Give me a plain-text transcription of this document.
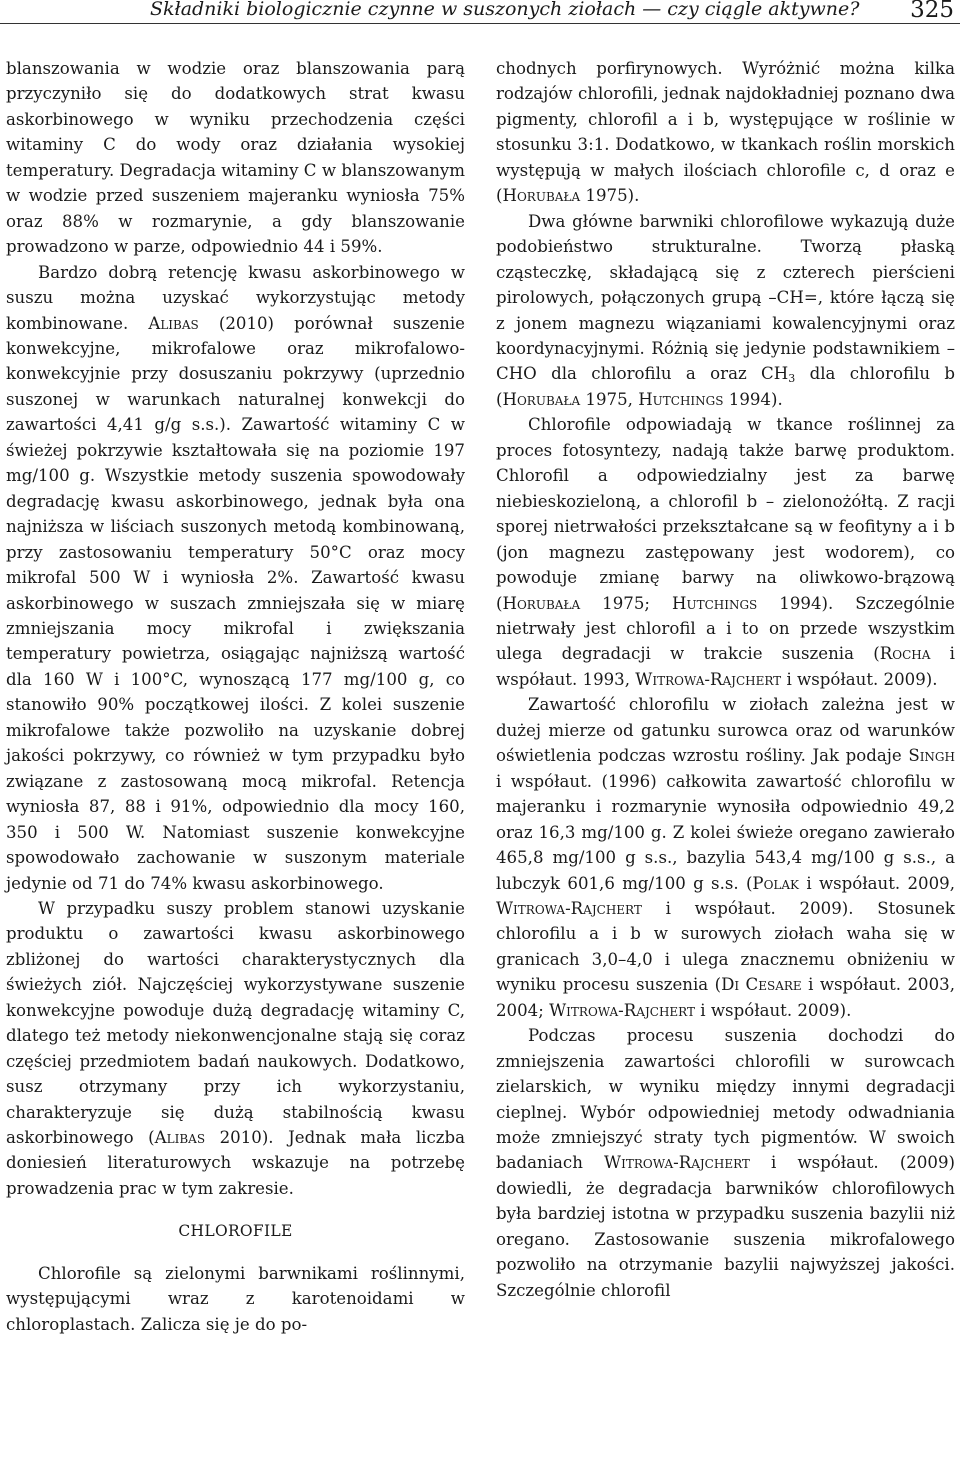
Składniki biologicznie czynne w suszonych ziołach — czy ciągle aktywne? 325

blanszowania w wodzie oraz blanszowania parą przyczyniło się do dodatkowych strat kwasu askorbinowego w wyniku przechodzenia części witaminy C do wody oraz działania wysokiej temperatury. Degradacja witaminy C w blanszowanym w wodzie przed suszeniem majeranku wyniosła 75% oraz 88% w rozmarynie, a gdy blanszowanie prowadzono w parze, odpowiednio 44 i 59%.

Bardzo dobrą retencję kwasu askorbinowego w suszu można uzyskać wykorzystując metody kombinowane. Alibas (2010) porównał suszenie konwekcyjne, mikrofalowe oraz mikrofalowo-konwekcyjnie przy dosuszaniu pokrzywy (uprzednio suszonej w warunkach naturalnej konwekcji do zawartości 4,41 g/g s.s.). Zawartość witaminy C w świeżej pokrzywie kształtowała się na poziomie 197 mg/100 g. Wszystkie metody suszenia spowodowały degradację kwasu askorbinowego, jednak była ona najniższa w liściach suszonych metodą kombinowaną, przy zastosowaniu temperatury 50°C oraz mocy mikrofal 500 W i wyniosła 2%. Zawartość kwasu askorbinowego w suszach zmniejszała się w miarę zmniejszania mocy mikrofal i zwiększania temperatury powietrza, osiągając najniższą wartość dla 160 W i 100°C, wynoszącą 177 mg/100 g, co stanowiło 90% początkowej ilości. Z kolei suszenie mikrofalowe także pozwoliło na uzyskanie dobrej jakości pokrzywy, co również w tym przypadku było związane z zastosowaną mocą mikrofal. Retencja wyniosła 87, 88 i 91%, odpowiednio dla mocy 160, 350 i 500 W. Natomiast suszenie konwekcyjne spowodowało zachowanie w suszonym materiale jedynie od 71 do 74% kwasu askorbinowego.

W przypadku suszy problem stanowi uzyskanie produktu o zawartości kwasu askorbinowego zbliżonej do wartości charakterystycznych dla świeżych ziół. Najczęściej wykorzystywane suszenie konwekcyjne powoduje dużą degradację witaminy C, dlatego też metody niekonwencjonalne stają się coraz częściej przedmiotem badań naukowych. Dodatkowo, susz otrzymany przy ich wykorzystaniu, charakteryzuje się dużą stabilnością kwasu askorbinowego (Alibas 2010). Jednak mała liczba doniesień literaturowych wskazuje na potrzebę prowadzenia prac w tym zakresie.

CHLOROFILE

Chlorofile są zielonymi barwnikami roślinnymi, występującymi wraz z karotenoidami w chloroplastach. Zalicza się je do po-

chodnych porfirynowych. Wyróżnić można kilka rodzajów chlorofili, jednak najdokładniej poznano dwa pigmenty, chlorofil a i b, występujące w roślinie w stosunku 3:1. Dodatkowo, w tkankach roślin morskich występują w małych ilościach chlorofile c, d oraz e (Horubała 1975).

Dwa główne barwniki chlorofilowe wykazują duże podobieństwo strukturalne. Tworzą płaską cząsteczkę, składającą się z czterech pierścieni pirolowych, połączonych grupą –CH=, które łączą się z jonem magnezu wiązaniami kowalencyjnymi oraz koordynacyjnymi. Różnią się jedynie podstawnikiem –CHO dla chlorofilu a oraz $CH_3$ dla chlorofilu b (Horubała 1975, Hutchings 1994).

Chlorofile odpowiadają w tkance roślinnej za proces fotosyntezy, nadają także barwę produktom. Chlorofil a odpowiedzialny jest za barwę niebieskozieloną, a chlorofil b – zielonożółtą. Z racji sporej nietrwałości przekształcane są w feofityny a i b (jon magnezu zastępowany jest wodorem), co powoduje zmianę barwy na oliwkowo-brązową (Horubała 1975; Hutchings 1994). Szczególnie nietrwały jest chlorofil a i to on przede wszystkim ulega degradacji w trakcie suszenia (Rocha i współaut. 1993, Witrowa-Rajchert i współaut. 2009).

Zawartość chlorofilu w ziołach zależna jest w dużej mierze od gatunku surowca oraz od warunków oświetlenia podczas wzrostu rośliny. Jak podaje Singh i współaut. (1996) całkowita zawartość chlorofilu w majeranku i rozmarynie wynosiła odpowiednio 49,2 oraz 16,3 mg/100 g. Z kolei świeże oregano zawierało 465,8 mg/100 g s.s., bazylia 543,4 mg/100 g s.s., a lubczyk 601,6 mg/100 g s.s. (Polak i współaut. 2009, Witrowa-Rajchert i współaut. 2009). Stosunek chlorofilu a i b w surowych ziołach waha się w granicach 3,0–4,0 i ulega znacznemu obniżeniu w wyniku procesu suszenia (Di Cesare i współaut. 2003, 2004; Witrowa-Rajchert i współaut. 2009).

Podczas procesu suszenia dochodzi do zmniejszenia zawartości chlorofili w surowcach zielarskich, w wyniku między innymi degradacji cieplnej. Wybór odpowiedniej metody odwadniania może zmniejszyć straty tych pigmentów. W swoich badaniach Witrowa-Rajchert i współaut. (2009) dowiedli, że degradacja barwników chlorofilowych była bardziej istotna w przypadku suszenia bazylii niż oregano. Zastosowanie suszenia mikrofalowego pozwoliło na otrzymanie bazylii najwyższej jakości. Szczególnie chlorofil
